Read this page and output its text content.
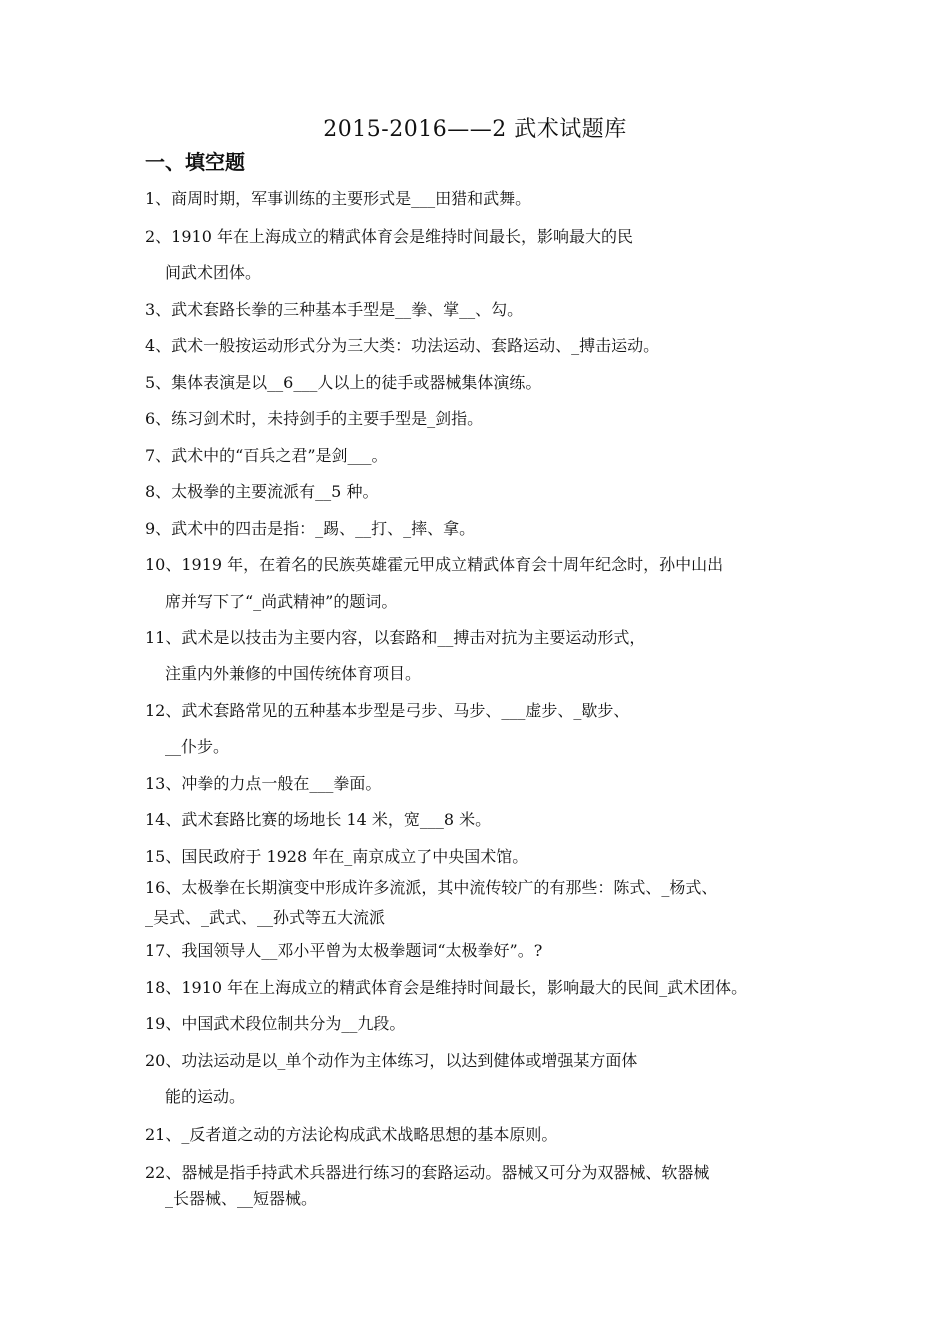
2015-2016——2 武术试题库
一、填空题
1、商周时期，军事训练的主要形式是___田猎和武舞。
2、1910 年在上海成立的精武体育会是维持时间最长，影响最大的民
间武术团体。
3、武术套路长拳的三种基本手型是__拳、掌__、勾。
4、武术一般按运动形式分为三大类：功法运动、套路运动、_搏击运动。
5、集体表演是以__6___人以上的徒手或器械集体演练。
6、练习剑术时，未持剑手的主要手型是_剑指。
7、武术中的“百兵之君”是剑___。
8、太极拳的主要流派有__5 种。
9、武术中的四击是指：_踢、__打、_摔、拿。
10、1919 年，在着名的民族英雄霍元甲成立精武体育会十周年纪念时，孙中山出
席并写下了“_尚武精神”的题词。
11、武术是以技击为主要内容，以套路和__搏击对抗为主要运动形式，
注重内外兼修的中国传统体育项目。
12、武术套路常见的五种基本步型是弓步、马步、___虚步、_歇步、
__仆步。
13、冲拳的力点一般在___拳面。
14、武术套路比赛的场地长 14 米，宽___8 米。
15、国民政府于 1928 年在_南京成立了中央国术馆。
16、太极拳在长期演变中形成许多流派，其中流传较广的有那些：陈式、_杨式、
_吴式、_武式、__孙式等五大流派
17、我国领导人__邓小平曾为太极拳题词“太极拳好”。?
18、1910 年在上海成立的精武体育会是维持时间最长，影响最大的民间_武术团体。
19、中国武术段位制共分为__九段。
20、功法运动是以_单个动作为主体练习，以达到健体或增强某方面体
能的运动。
21、_反者道之动的方法论构成武术战略思想的基本原则。
22、器械是指手持武术兵器进行练习的套路运动。器械又可分为双器械、软器械
_长器械、__短器械。
